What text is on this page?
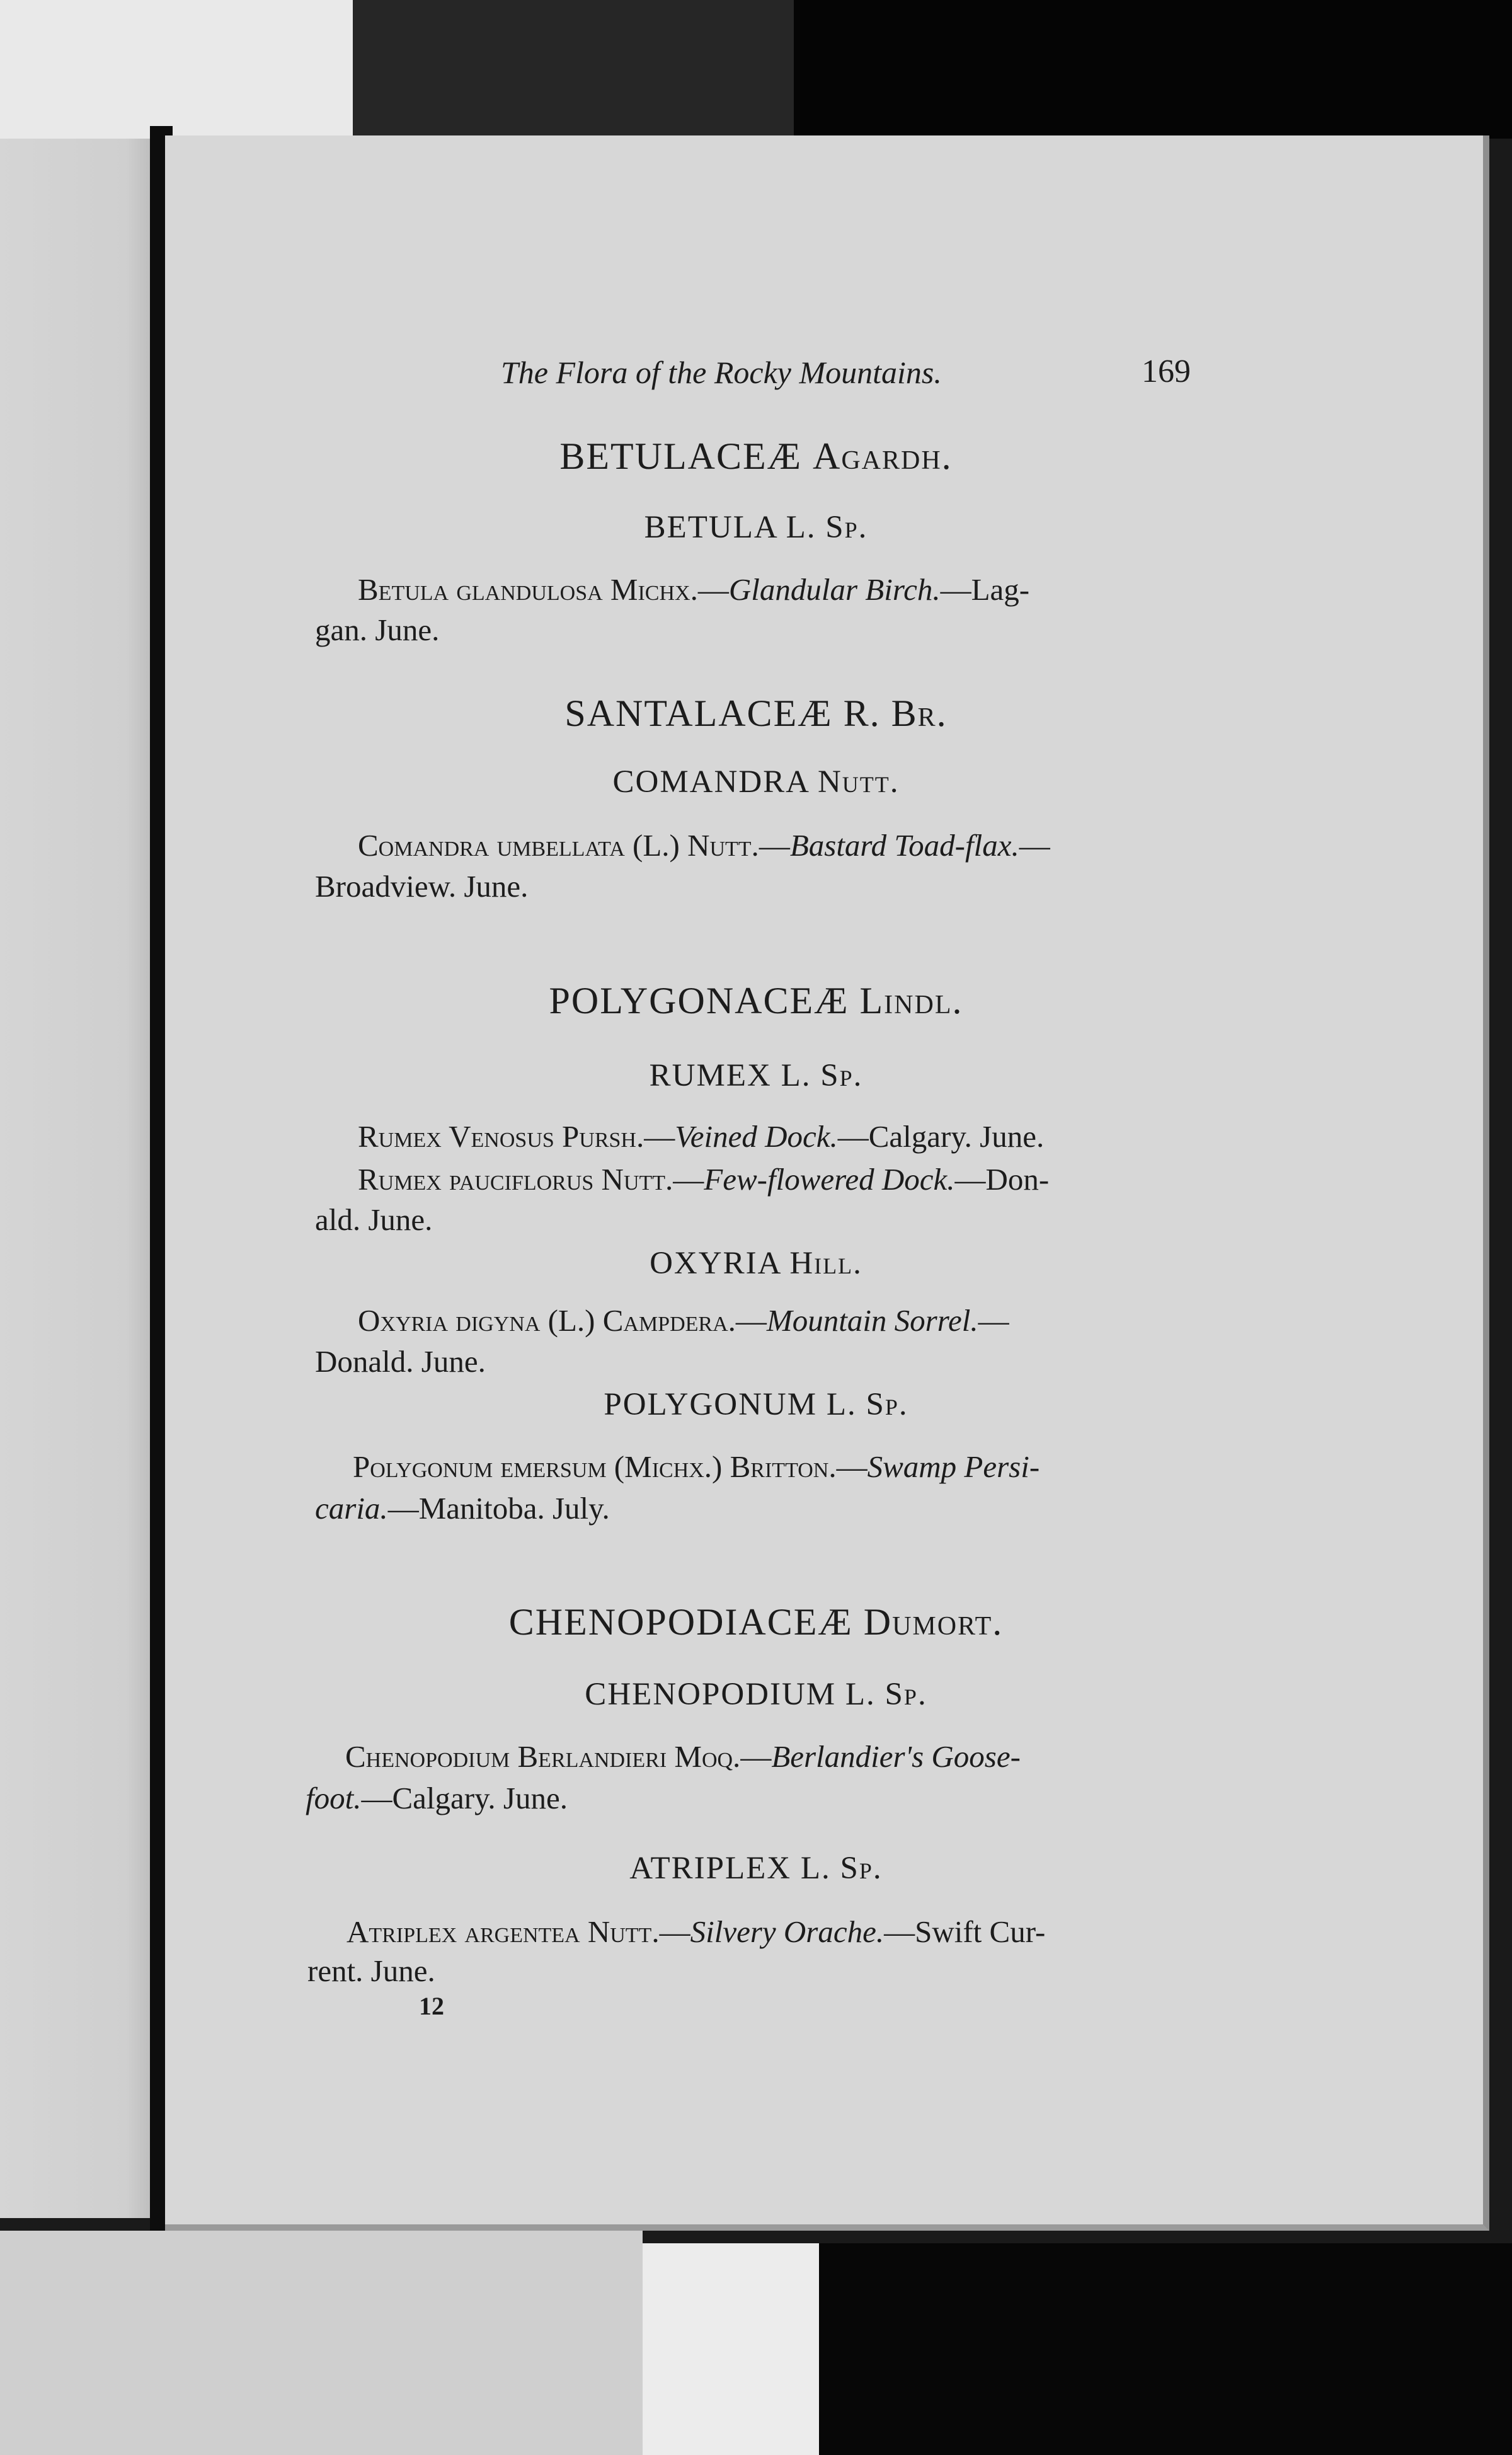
The Flora of the Rocky Mountains.	169
BETULACEÆ Agardh.
BETULA L. Sp.
Betula glandulosa Michx.—Glandular Birch.—Lag-
gan. June.
SANTALACEÆ R. Br.
COMANDRA Nutt.
Comandra umbellata (L.) Nutt.—Bastard Toad-flax.—
Broadview. June.
POLYGONACEÆ Lindl.
RUMEX L. Sp.
Rumex Venosus Pursh.—Veined Dock.—Calgary. June.
Rumex pauciflorus Nutt.—Few-flowered Dock.—Don-
ald. June.
OXYRIA Hill.
Oxyria digyna (L.) Campdera.—Mountain Sorrel.—
Donald. June.
POLYGONUM L. Sp.
Polygonum emersum (Michx.) Britton.—Swamp Persi-
caria.—Manitoba. July.
CHENOPODIACEÆ Dumort.
CHENOPODIUM L. Sp.
Chenopodium Berlandieri Moq.—Berlandier's Goose-
foot.—Calgary. June.
ATRIPLEX L. Sp.
Atriplex argentea Nutt.—Silvery Orache.—Swift Cur-
rent. June.
12
